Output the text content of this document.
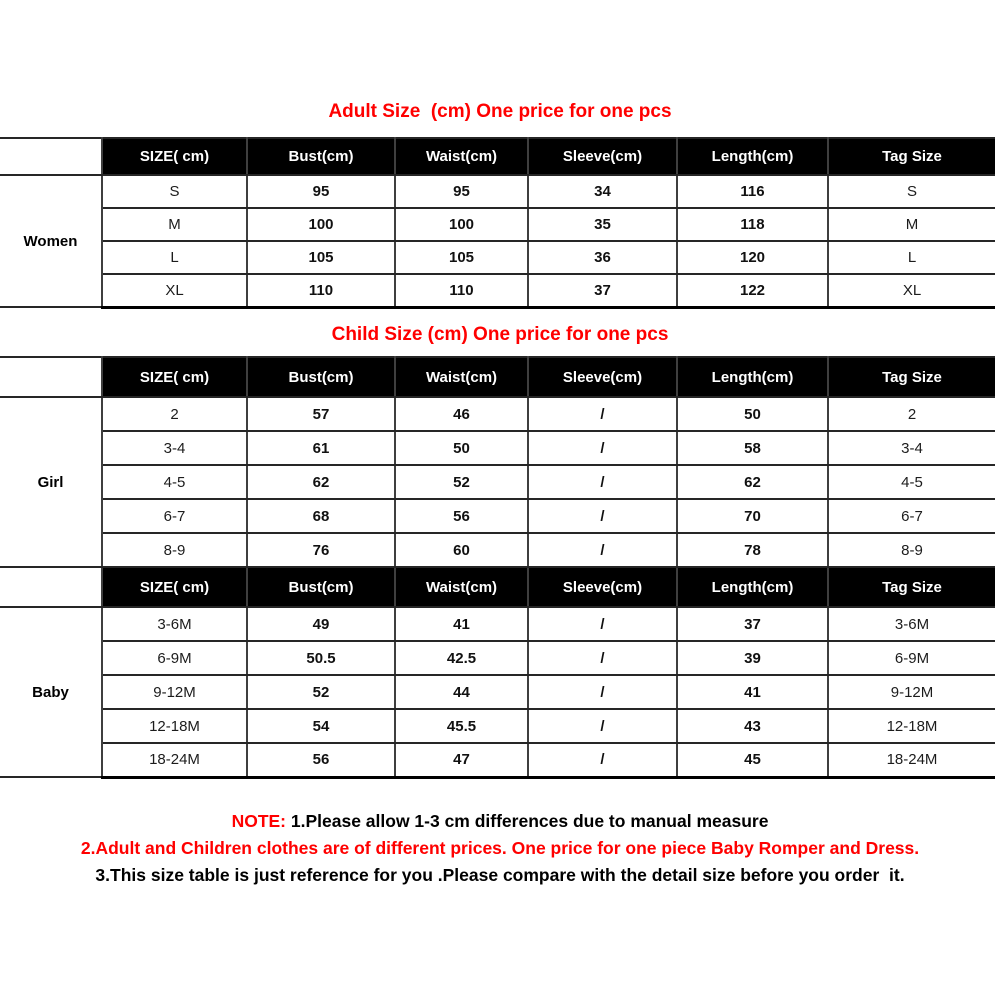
Adult Size  (cm) One price for one pcs
	SIZE( cm)	Bust(cm)	Waist(cm)	Sleeve(cm)	Length(cm)	Tag Size
Women	S	95	95	34	116	S
	M	100	100	35	118	M
	L	105	105	36	120	L
	XL	110	110	37	122	XL
Child Size (cm) One price for one pcs
	SIZE( cm)	Bust(cm)	Waist(cm)	Sleeve(cm)	Length(cm)	Tag Size
Girl	2	57	46	/	50	2
	3-4	61	50	/	58	3-4
	4-5	62	52	/	62	4-5
	6-7	68	56	/	70	6-7
	8-9	76	60	/	78	8-9
	SIZE( cm)	Bust(cm)	Waist(cm)	Sleeve(cm)	Length(cm)	Tag Size
Baby	3-6M	49	41	/	37	3-6M
	6-9M	50.5	42.5	/	39	6-9M
	9-12M	52	44	/	41	9-12M
	12-18M	54	45.5	/	43	12-18M
	18-24M	56	47	/	45	18-24M

NOTE: 1.Please allow 1-3 cm differences due to manual measure

2.Adult and Children clothes are of different prices. One price for one piece Baby Romper and Dress.

3.This size table is just reference for you .Please compare with the detail size before you order  it.
